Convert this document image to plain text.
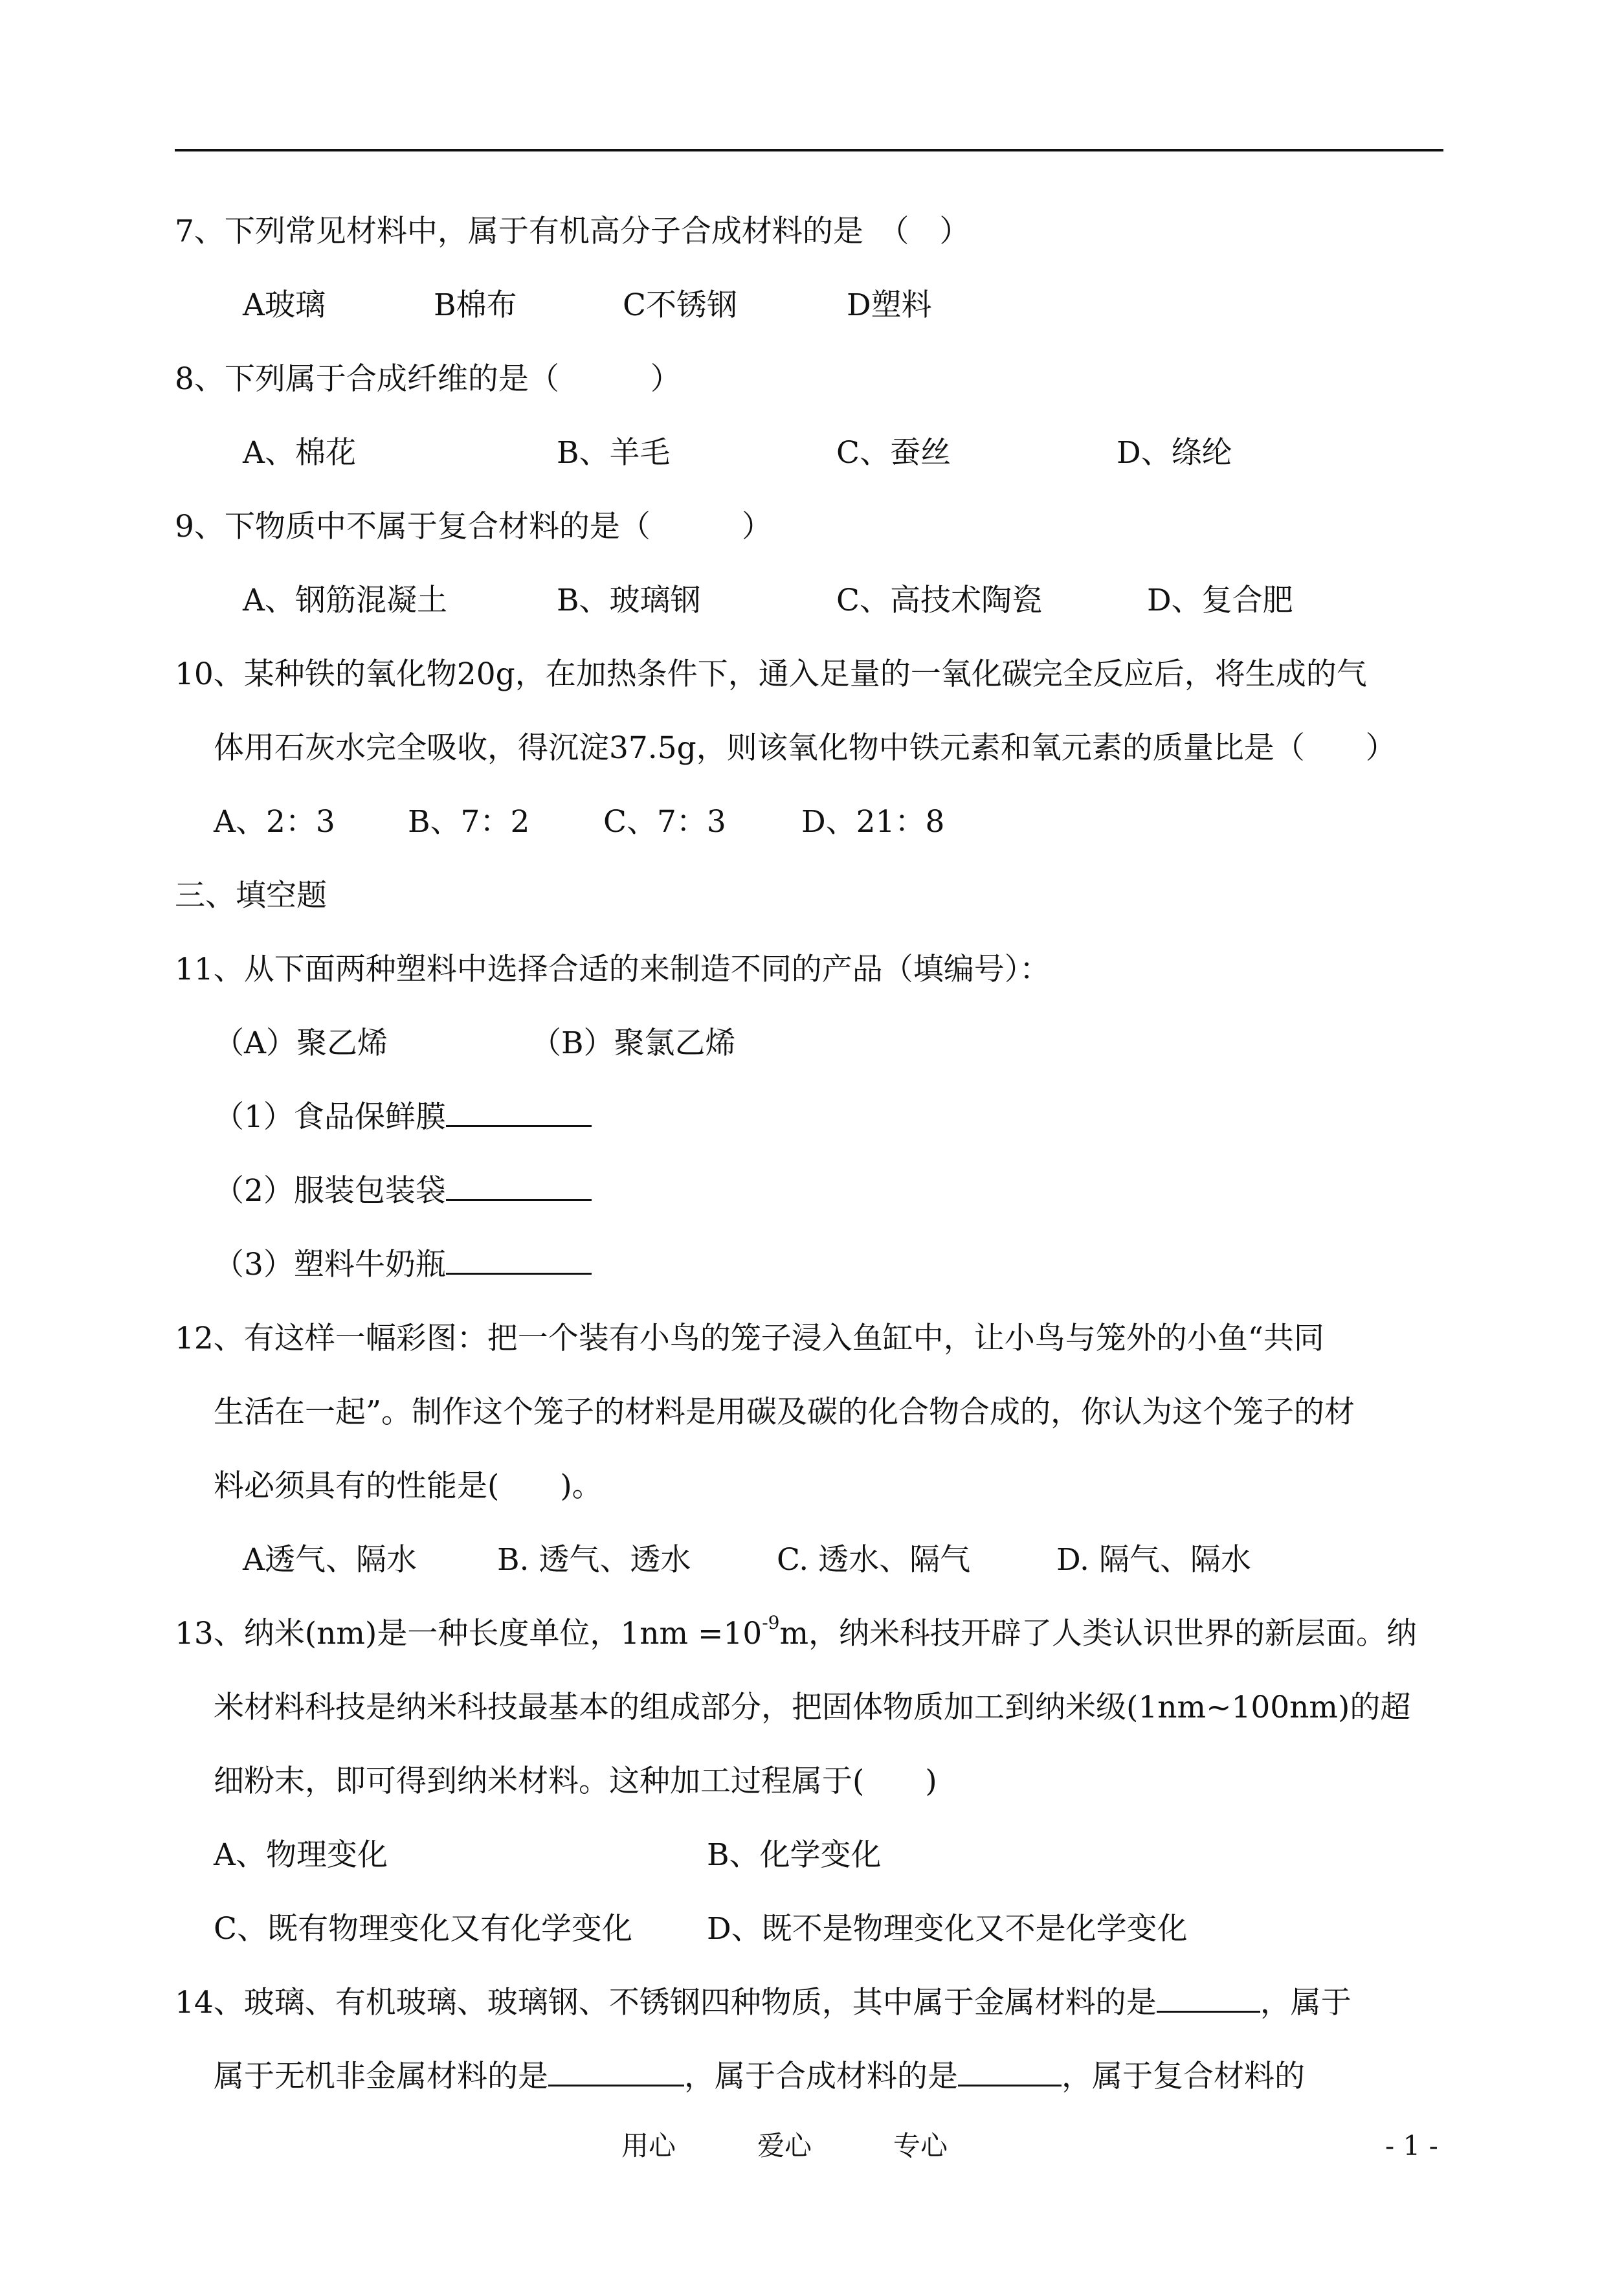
7、下列常见材料中，属于有机高分子合成材料的是　（　）
A玻璃	B棉布	C不锈钢	D塑料
8、下列属于合成纤维的是（　　　）
A、棉花	B、羊毛	C、蚕丝	D、绦纶
9、下物质中不属于复合材料的是（　　　）
A、钢筋混凝土	B、玻璃钢	C、高技术陶瓷	D、复合肥
10、某种铁的氧化物20g，在加热条件下，通入足量的一氧化碳完全反应后，将生成的气
体用石灰水完全吸收，得沉淀37.5g，则该氧化物中铁元素和氧元素的质量比是（　　）
A、2：3 B、7：2 C、7：3 D、21：8
三、填空题
11、从下面两种塑料中选择合适的来制造不同的产品（填编号）：
（A）聚乙烯	（B）聚氯乙烯
（1）食品保鲜膜
（2）服装包装袋
（3）塑料牛奶瓶
12、有这样一幅彩图：把一个装有小鸟的笼子浸入鱼缸中，让小鸟与笼外的小鱼“共同
生活在一起”。制作这个笼子的材料是用碳及碳的化合物合成的，你认为这个笼子的材
料必须具有的性能是(　　)。
A透气、隔水	B. 透气、透水	C. 透水、隔气	D. 隔气、隔水
13、纳米(nm)是一种长度单位，$1nm =10^{-9}m$，纳米科技开辟了人类认识世界的新层面。纳
米材料科技是纳米科技最基本的组成部分，把固体物质加工到纳米级(1nm~100nm)的超
细粉末，即可得到纳米材料。这种加工过程属于(　　)
A、物理变化	B、化学变化
C、既有物理变化又有化学变化 D、既不是物理变化又不是化学变化
14、玻璃、有机玻璃、玻璃钢、不锈钢四种物质，其中属于金属材料的是	，属于
属于无机非金属材料的是	，属于合成材料的是	，属于复合材料的
用心　　　爱心　　　专心	- 1 -
